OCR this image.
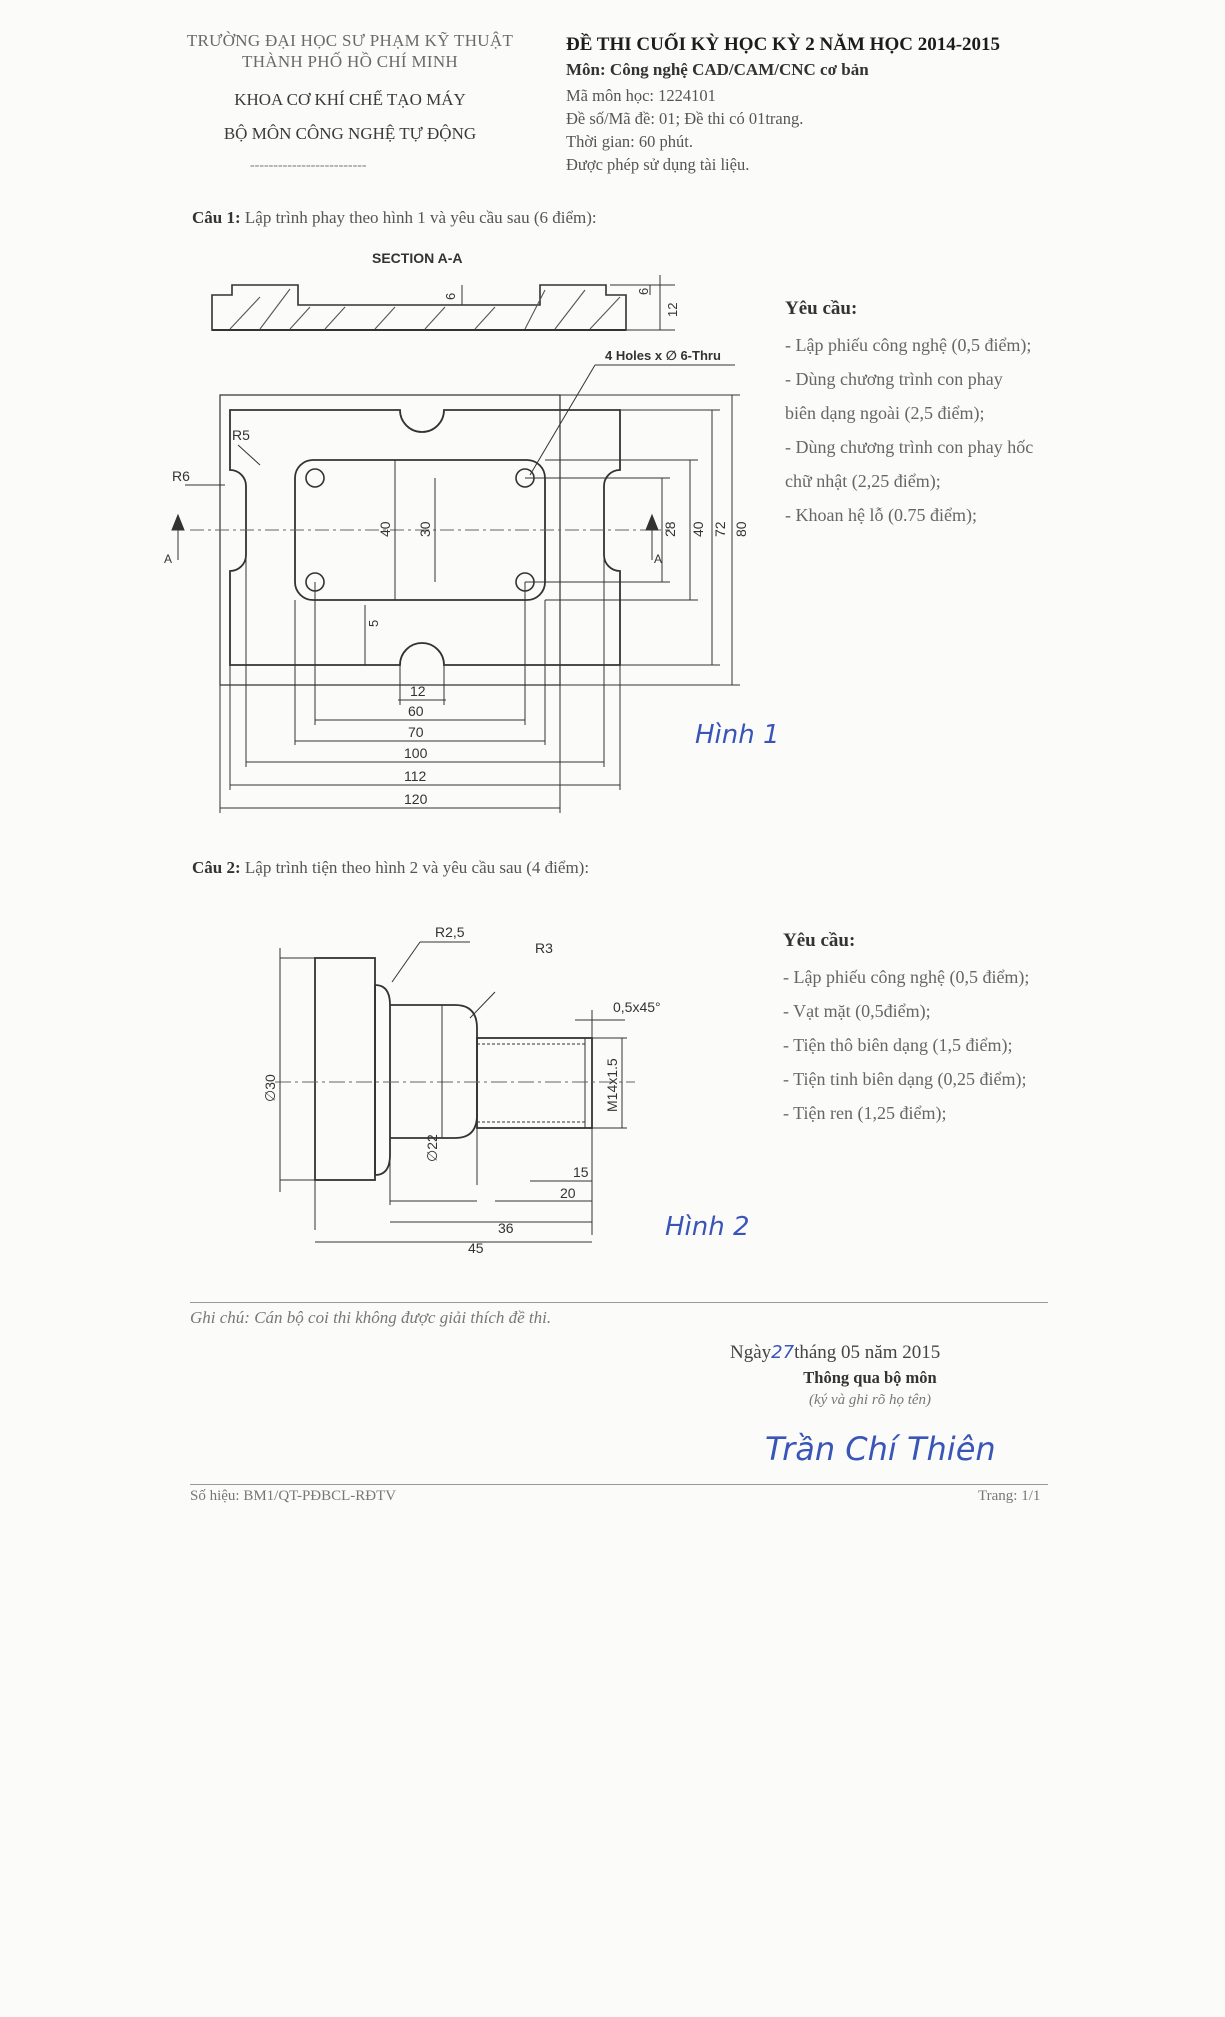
TRƯỜNG ĐẠI HỌC SƯ PHẠM KỸ THUẬT
THÀNH PHỐ HỒ CHÍ MINH
KHOA CƠ KHÍ CHẾ TẠO MÁY
BỘ MÔN CÔNG NGHỆ TỰ ĐỘNG
-------------------------
ĐỀ THI CUỐI KỲ HỌC KỲ 2 NĂM HỌC 2014-2015
Môn: Công nghệ CAD/CAM/CNC cơ bản
Mã môn học: 1224101
Đề số/Mã đề: 01; Đề thi có 01trang.
Thời gian: 60 phút.
Được phép sử dụng tài liệu.
Câu 1: Lập trình phay theo hình 1 và yêu cầu sau (6 điểm):
SECTION A-A
6
6
12
4 Holes x ∅ 6-Thru
R5
R6
A	A
40 30	28 40 72 80
5
12
60
70
100
112
120
Hình 1
Yêu cầu:
- Lập phiếu công nghệ (0,5 điểm);
- Dùng chương trình con phay
biên dạng ngoài (2,5 điểm);
- Dùng chương trình con phay hốc
chữ nhật (2,25 điểm);
- Khoan hệ lỗ (0.75 điểm);
Câu 2: Lập trình tiện theo hình 2 và yêu cầu sau (4 điểm):
R2,5
R3
0,5x45°
∅30
∅22
M14x1.5
15
20
36
45
Hình 2
Yêu cầu:
- Lập phiếu công nghệ (0,5 điểm);
- Vạt mặt (0,5điểm);
- Tiện thô biên dạng (1,5 điểm);
- Tiện tinh biên dạng (0,25 điểm);
- Tiện ren (1,25 điểm);
Ghi chú: Cán bộ coi thi không được giải thích đề thi.
Ngày27tháng 05 năm 2015
Thông qua bộ môn
(ký và ghi rõ họ tên)
Trần Chí Thiên
Số hiệu: BM1/QT-PĐBCL-RĐTV	Trang: 1/1
